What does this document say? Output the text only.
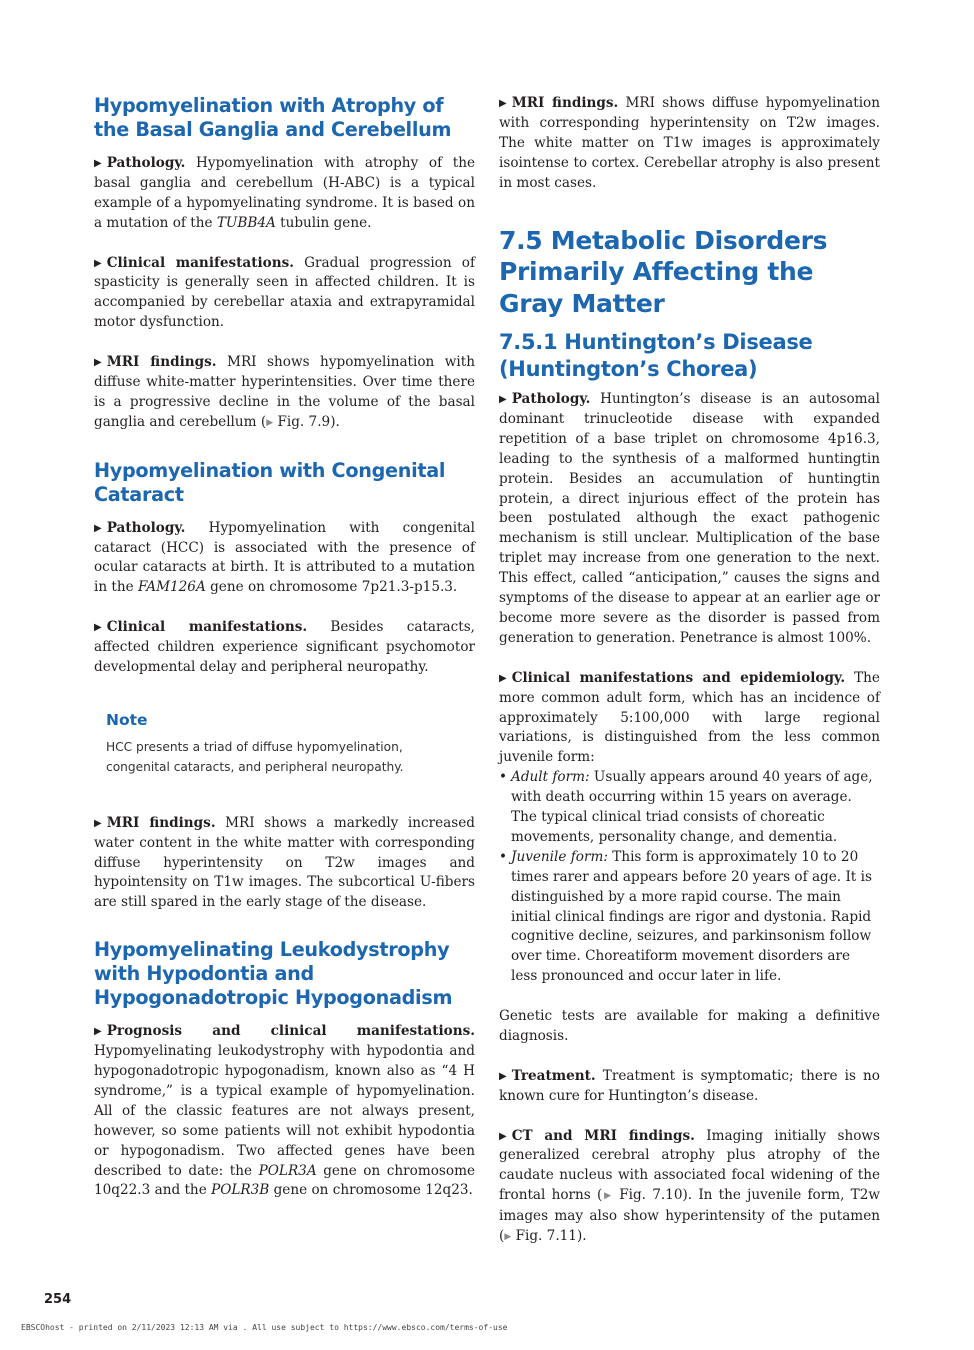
Hypomyelination with Atrophy of the Basal Ganglia and Cerebellum

▶ Pathology. Hypomyelination with atrophy of the basal ganglia and cerebellum (H-ABC) is a typical example of a hypomyelinating syndrome. It is based on a mutation of the TUBB4A tubulin gene.

▶ Clinical manifestations. Gradual progression of spasticity is generally seen in affected children. It is accompanied by cerebellar ataxia and extrapyramidal motor dysfunction.

▶ MRI findings. MRI shows hypomyelination with diffuse white-matter hyperintensities. Over time there is a progressive decline in the volume of the basal ganglia and cerebellum (▶ Fig. 7.9).

Hypomyelination with Congenital Cataract

▶ Pathology. Hypomyelination with congenital cataract (HCC) is associated with the presence of ocular cataracts at birth. It is attributed to a mutation in the FAM126A gene on chromosome 7p21.3-p15.3.

▶ Clinical manifestations. Besides cataracts, affected children experience significant psychomotor developmental delay and peripheral neuropathy.

Note
HCC presents a triad of diffuse hypomyelination, congenital cataracts, and peripheral neuropathy.

▶ MRI findings. MRI shows a markedly increased water content in the white matter with corresponding diffuse hyperintensity on T2w images and hypointensity on T1w images. The subcortical U-fibers are still spared in the early stage of the disease.

Hypomyelinating Leukodystrophy with Hypodontia and Hypogonadotropic Hypogonadism

▶ Prognosis and clinical manifestations. Hypomyelinating leukodystrophy with hypodontia and hypogonadotropic hypogonadism, known also as “4 H syndrome,” is a typical example of hypomyelination. All of the classic features are not always present, however, so some patients will not exhibit hypodontia or hypogonadism. Two affected genes have been described to date: the POLR3A gene on chromosome 10q22.3 and the POLR3B gene on chromosome 12q23.

▶ MRI findings. MRI shows diffuse hypomyelination with corresponding hyperintensity on T2w images. The white matter on T1w images is approximately isointense to cortex. Cerebellar atrophy is also present in most cases.

7.5 Metabolic Disorders Primarily Affecting the Gray Matter
7.5.1 Huntington’s Disease (Huntington’s Chorea)

▶ Pathology. Huntington’s disease is an autosomal dominant trinucleotide disease with expanded repetition of a base triplet on chromosome 4p16.3, leading to the synthesis of a malformed huntingtin protein. Besides an accumulation of huntingtin protein, a direct injurious effect of the protein has been postulated although the exact pathogenic mechanism is still unclear. Multiplication of the base triplet may increase from one generation to the next. This effect, called “anticipation,” causes the signs and symptoms of the disease to appear at an earlier age or become more severe as the disorder is passed from generation to generation. Penetrance is almost 100%.

▶ Clinical manifestations and epidemiology. The more common adult form, which has an incidence of approximately 5:100,000 with large regional variations, is distinguished from the less common juvenile form:

• Adult form: Usually appears around 40 years of age, with death occurring within 15 years on average. The typical clinical triad consists of choreatic movements, personality change, and dementia.
• Juvenile form: This form is approximately 10 to 20 times rarer and appears before 20 years of age. It is distinguished by a more rapid course. The main initial clinical findings are rigor and dystonia. Rapid cognitive decline, seizures, and parkinsonism follow over time. Choreatiform movement disorders are less pronounced and occur later in life.

Genetic tests are available for making a definitive diagnosis.

▶ Treatment. Treatment is symptomatic; there is no known cure for Huntington’s disease.

▶ CT and MRI findings. Imaging initially shows generalized cerebral atrophy plus atrophy of the caudate nucleus with associated focal widening of the frontal horns (▶ Fig. 7.10). In the juvenile form, T2w images may also show hyperintensity of the putamen (▶ Fig. 7.11).

254
EBSCOhost - printed on 2/11/2023 12:13 AM via . All use subject to https://www.ebsco.com/terms-of-use
